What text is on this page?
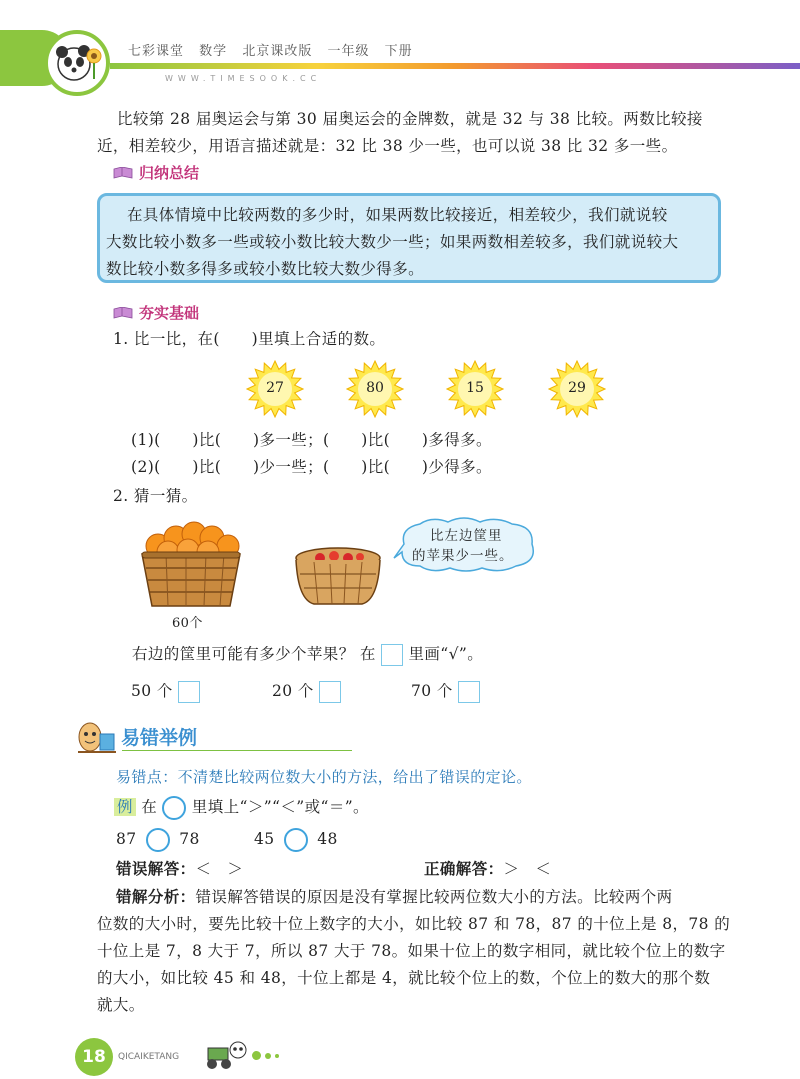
七彩课堂 数学 北京课改版 一年级 下册
WWW.TIMESOOK.CC
比较第 28 届奥运会与第 30 届奥运会的金牌数，就是 32 与 38 比较。两数比较接
近，相差较少，用语言描述就是：32 比 38 少一些，也可以说 38 比 32 多一些。
归纳总结
在具体情境中比较两数的多少时，如果两数比较接近，相差较少，我们就说较
大数比较小数多一些或较小数比较大数少一些；如果两数相差较多，我们就说较大
数比较小数多得多或较小数比较大数少得多。
夯实基础
1. 比一比，在(　　)里填上合适的数。
27	80	15	29
(1)(　　)比(　　)多一些；(　　)比(　　)多得多。
(2)(　　)比(　　)少一些；(　　)比(　　)少得多。
2. 猜一猜。
60个
比左边筐里
的苹果少一些。
右边的筐里可能有多少个苹果？ 在 里画“√”。
50 个	20 个	70 个
易错举例
易错点：不清楚比较两位数大小的方法，给出了错误的定论。
例 在 里填上“＞”“＜”或“＝”。
87	78	45	48
错误解答：＜　＞	正确解答：＞　＜
错解分析：错误解答错误的原因是没有掌握比较两位数大小的方法。比较两个两
位数的大小时，要先比较十位上数字的大小，如比较 87 和 78，87 的十位上是 8，78 的
十位上是 7，8 大于 7，所以 87 大于 78。如果十位上的数字相同，就比较个位上的数字
的大小，如比较 45 和 48，十位上都是 4，就比较个位上的数，个位上的数大的那个数
就大。
18	QICAIKETANG
